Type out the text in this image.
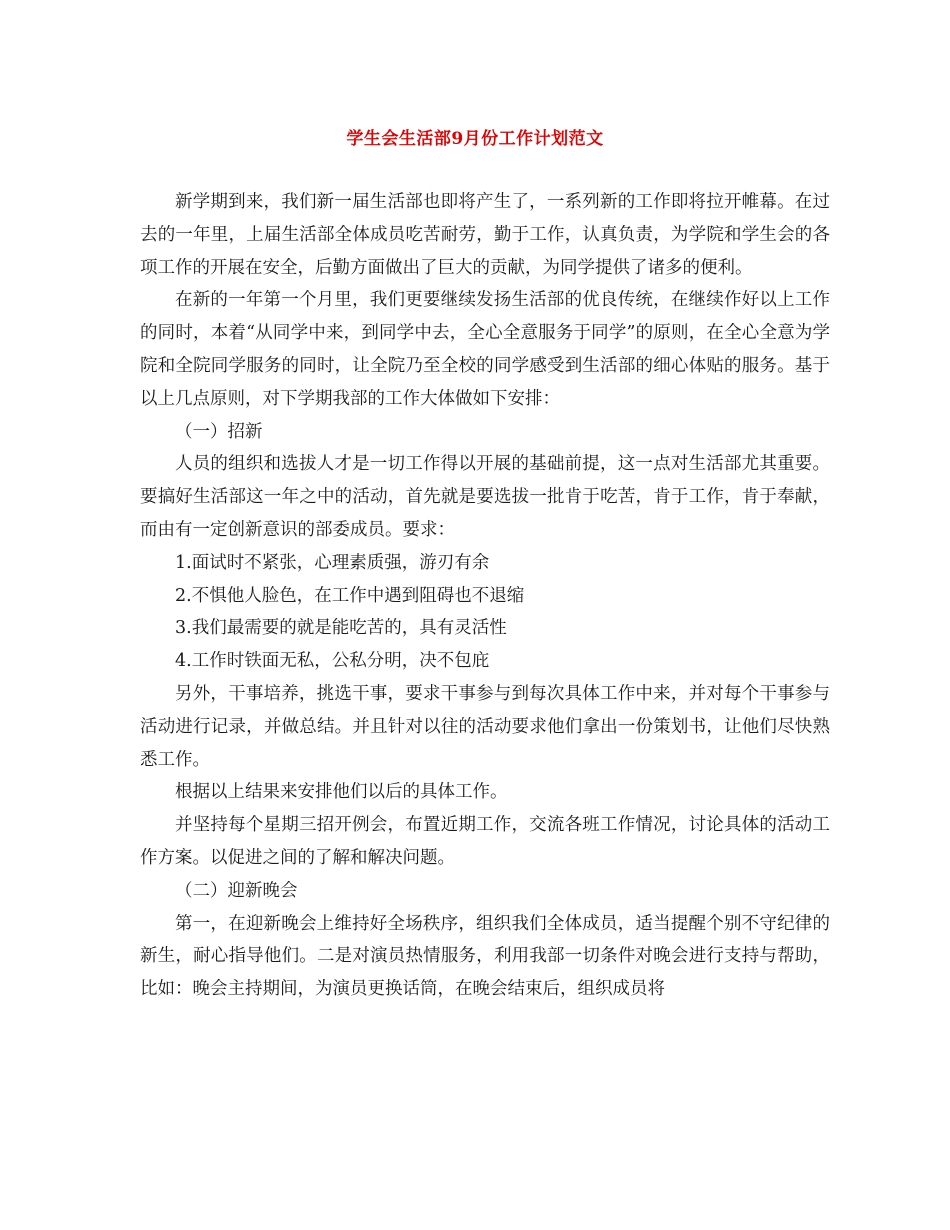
学生会生活部9月份工作计划范文

新学期到来，我们新一届生活部也即将产生了，一系列新的工作即将拉开帷幕。在过去的一年里，上届生活部全体成员吃苦耐劳，勤于工作，认真负责，为学院和学生会的各项工作的开展在安全，后勤方面做出了巨大的贡献，为同学提供了诸多的便利。

在新的一年第一个月里，我们更要继续发扬生活部的优良传统，在继续作好以上工作的同时，本着“从同学中来，到同学中去，全心全意服务于同学”的原则，在全心全意为学院和全院同学服务的同时，让全院乃至全校的同学感受到生活部的细心体贴的服务。基于以上几点原则，对下学期我部的工作大体做如下安排：

（一）招新

人员的组织和选拔人才是一切工作得以开展的基础前提，这一点对生活部尤其重要。要搞好生活部这一年之中的活动，首先就是要选拔一批肯于吃苦，肯于工作，肯于奉献，而由有一定创新意识的部委成员。要求：

1.面试时不紧张，心理素质强，游刃有余

2.不惧他人脸色，在工作中遇到阻碍也不退缩

3.我们最需要的就是能吃苦的，具有灵活性

4.工作时铁面无私，公私分明，决不包庇

另外，干事培养，挑选干事，要求干事参与到每次具体工作中来，并对每个干事参与活动进行记录，并做总结。并且针对以往的活动要求他们拿出一份策划书，让他们尽快熟悉工作。

根据以上结果来安排他们以后的具体工作。

并坚持每个星期三招开例会，布置近期工作，交流各班工作情况，讨论具体的活动工作方案。以促进之间的了解和解决问题。

（二）迎新晚会

第一，在迎新晚会上维持好全场秩序，组织我们全体成员，适当提醒个别不守纪律的新生，耐心指导他们。二是对演员热情服务，利用我部一切条件对晚会进行支持与帮助，比如：晚会主持期间，为演员更换话筒，在晚会结束后，组织成员将
